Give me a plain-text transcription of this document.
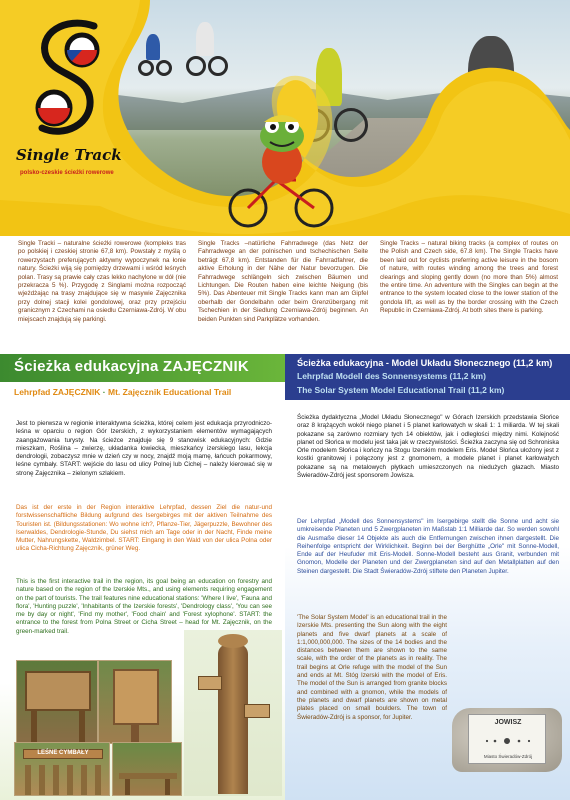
Single Track
polsko-czeskie ścieżki rowerowe

Single Tracki – naturalne ścieżki rowerowe (kompleks tras po polskiej i czeskiej stronie 67,8 km). Powstały z myślą o rowerzystach preferujących aktywny wypoczynek na łonie natury. Ścieżki wiją się pomiędzy drzewami i wśród leśnych polan. Trasy są prawie cały czas lekko nachylone w dół (nie przekracza 5 %). Przygodę z Singlami można rozpocząć wjeżdżając na trasy znajdujące się w masywie Zajęcznika przy dolnej stacji kolei gondolowej, oraz przy przejściu granicznym z Czechami na osiedlu Czerniawa-Zdrój. W obu miejscach znajdują się parkingi.

Single Tracks –natürliche Fahrradwege (das Netz der Fahrradwege an der polnischen und tschechischen Seite beträgt 67,8 km). Entstanden für die Fahrradfahrer, die aktive Erholung in der Nähe der Natur bevorzugen. Die Fahrradwege schlängeln sich zwischen Bäumen und Lichtungen. Die Routen haben eine leichte Neigung (bis 5%). Das Abenteuer mit Single Tracks kann man am Gipfel oberhalb der Gondelbahn oder beim Grenzübergang mit Tschechien in der Siedlung Czerniawa-Zdrój beginnen. An beiden Punkten sind Parkplätze vorhanden.

Single Tracks – natural biking tracks (a complex of routes on the Polish and Czech side, 67.8 km). The Single Tracks have been laid out for cyclists preferring active leisure in the bosom of nature, with routes winding among the trees and forest clearings and sloping gently down (no more than 5%) almost the entire time. An adventure with the Singles can begin at the entrance to the system located close to the lower station of the gondola lift, as well as by the border crossing with the Czech Republic in Czerniawa-Zdrój. At both sites there is parking.

Ścieżka edukacyjna ZAJĘCZNIK
Lehrpfad ZAJĘCZNIK · Mt. Zajęcznik Educational Trail
Ścieżka edukacyjna - Model Układu Słonecznego (11,2 km)
Lehrpfad Modell des Sonnensystems (11,2 km)
The Solar System Model Educational Trail (11,2 km)

Jest to pierwsza w regionie interaktywna ścieżka, której celem jest edukacja przyrodniczo-leśna w oparciu o region Gór Izerskich, z wykorzystaniem elementów wymagających zaangażowania turysty. Na ścieżce znajduje się 9 stanowisk edukacyjnych: Gdzie mieszkam, Roślina – zwierzę, układanka łowiecka, mieszkańcy izerskiego lasu, lekcja dendrologii, zobaczysz mnie w dzień czy w nocy, znajdź moją mamę, łańcuch pokarmowy, leśne cymbały. START: wejście do lasu od ulicy Polnej lub Cichej – należy kierować się w stronę Zajęcznika – zielonym szlakiem.

Das ist der erste in der Region interaktive Lehrpfad, dessen Ziel die natur-und forstwissenschaftliche Bildung aufgrund des Isergebirges mit der aktiven Teilnahme des Touristen ist. (Bildungsstationen: Wo wohne ich?, Pflanze-Tier, Jägerpuzzle, Bewohner des Iserwaldes, Dendrologie-Stunde, Du siehst mich am Tage oder in der Nacht, Finde meine Mutter, Nahrungskette, Waldzimbel. START: Eingang in den Wald von der ulica Polna oder ulica Cicha-Richtung Zajęcznik, grüner Weg.

This is the first interactive trail in the region, its goal being an education on forestry and nature based on the region of the Izerskie Mts., and using elements requiring engagement on the part of tourists. The trail features nine educational stations: 'Where I live', 'Fauna and flora', 'Hunting puzzle', 'Inhabitants of the Izerskie forests', 'Dendrology class', 'You can see me by day or night', 'Find my mother', 'Food chain' and 'Forest xylophone'. START: the entrance to the forest from Polna Street or Cicha Street – head for Mt. Zajęcznik, on the green-marked trail.

LEŚNE CYMBAŁY

Ścieżka dydaktyczna „Model Układu Słonecznego" w Górach Izerskich przedstawia Słońce oraz 8 krążących wokół niego planet i 5 planet karłowatych w skali 1: 1 miliarda. W tej skali pokazane są zarówno rozmiary tych 14 obiektów, jak i odległości między nimi. Kolejność planet od Słońca w modelu jest taka jak w rzeczywistości. Ścieżka zaczyna się od Schroniska Orle modelem Słońca i kończy na Stogu Izerskim modelem Eris. Model Słońca ułożony jest z kostki granitowej i połączony jest z gnomonem, a modele planet i planet karłowatych pokazane są na metalowych płytkach umieszczonych na niedużych głazach. Miasto Świeradów-Zdrój jest sponsorem Jowisza.

Der Lehrpfad „Modell des Sonnensystems" im Isergebirge stellt die Sonne und acht sie umkreisende Planeten und 5 Zwergplaneten im Maßstab 1:1 Milliarde dar. So werden sowohl die Ausmaße dieser 14 Objekte als auch die Entfernungen zwischen ihnen dargestellt. Die Reihenfolge entspricht der Wirklichkeit. Beginn bei der Berghütte „Orle" mit Sonne-Modell, Ende auf der Heufuder mit Eris-Modell. Sonne-Modell besteht aus Granit, verbunden mit Gnomon, Modelle der Planeten und der Zwergplaneten sind auf den Metallplatten auf den Steinen dargestellt. Die Stadt Świeradów-Zdrój stiftete den Planeten Jupiter.

'The Solar System Model' is an educational trail in the Izerskie Mts. presenting the Sun along with the eight planets and five dwarf planets at a scale of 1:1,000,000,000. The sizes of the 14 bodies and the distances between them are shown to the same scale, with the order of the planets as in reality. The trail begins at Orle refuge with the model of the Sun and ends at Mt. Stóg Izerski with the model of Eris. The model of the Sun is arranged from granite blocks and combined with a gnomon, while the models of the planets and dwarf planets are shown on metal plates placed on small boulders. The town of Świeradów-Zdrój is a sponsor, for Jupiter.

JOWISZ
Miasto Świeradów-Zdrój
